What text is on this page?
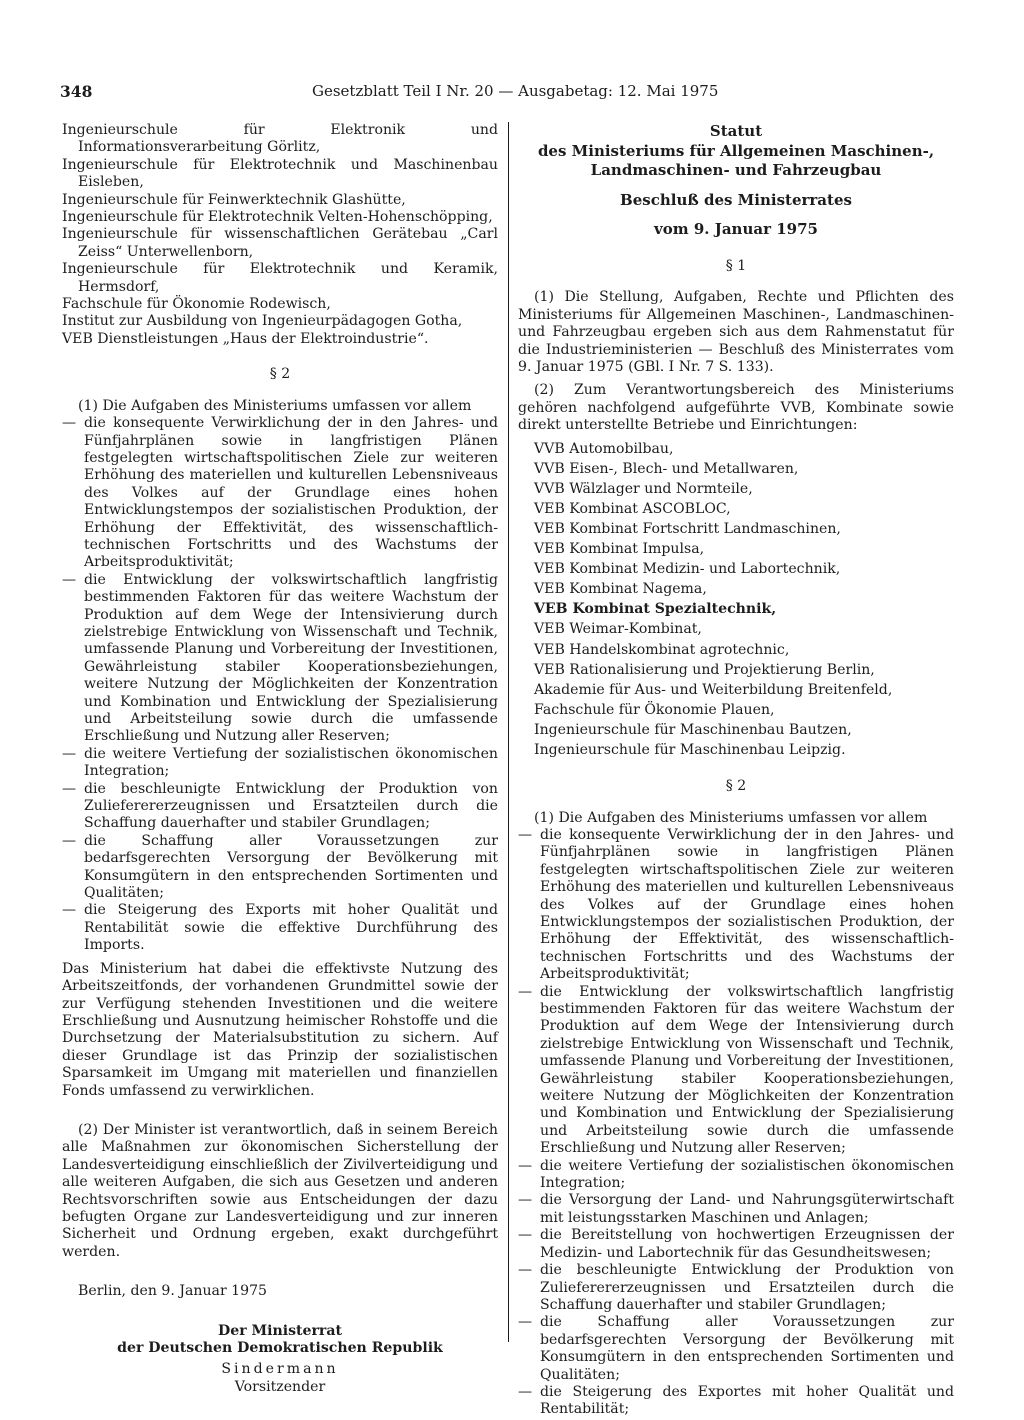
348	Gesetzblatt Teil I Nr. 20 — Ausgabetag: 12. Mai 1975
Ingenieurschule für Elektronik und Informationsverarbeitung Görlitz,
Ingenieurschule für Elektrotechnik und Maschinenbau Eisleben,
Ingenieurschule für Feinwerktechnik Glashütte,
Ingenieurschule für Elektrotechnik Velten-Hohenschöpping,
Ingenieurschule für wissenschaftlichen Gerätebau „Carl Zeiss“ Unterwellenborn,
Ingenieurschule für Elektrotechnik und Keramik, Hermsdorf,
Fachschule für Ökonomie Rodewisch,
Institut zur Ausbildung von Ingenieurpädagogen Gotha,
VEB Dienstleistungen „Haus der Elektroindustrie“.
§ 2
(1) Die Aufgaben des Ministeriums umfassen vor allem
— die konsequente Verwirklichung der in den Jahres- und Fünfjahrplänen sowie in langfristigen Plänen festgelegten wirtschaftspolitischen Ziele zur weiteren Erhöhung des materiellen und kulturellen Lebensniveaus des Volkes auf der Grundlage eines hohen Entwicklungstempos der sozialistischen Produktion, der Erhöhung der Effektivität, des wissenschaftlich-technischen Fortschritts und des Wachstums der Arbeitsproduktivität;
— die Entwicklung der volkswirtschaftlich langfristig bestimmenden Faktoren für das weitere Wachstum der Produktion auf dem Wege der Intensivierung durch zielstrebige Entwicklung von Wissenschaft und Technik, umfassende Planung und Vorbereitung der Investitionen, Gewährleistung stabiler Kooperationsbeziehungen, weitere Nutzung der Möglichkeiten der Konzentration und Kombination und Entwicklung der Spezialisierung und Arbeitsteilung sowie durch die umfassende Erschließung und Nutzung aller Reserven;
— die weitere Vertiefung der sozialistischen ökonomischen Integration;
— die beschleunigte Entwicklung der Produktion von Zulieferererzeugnissen und Ersatzteilen durch die Schaffung dauerhafter und stabiler Grundlagen;
— die Schaffung aller Voraussetzungen zur bedarfsgerechten Versorgung der Bevölkerung mit Konsumgütern in den entsprechenden Sortimenten und Qualitäten;
— die Steigerung des Exports mit hoher Qualität und Rentabilität sowie die effektive Durchführung des Imports.
Das Ministerium hat dabei die effektivste Nutzung des Arbeitszeitfonds, der vorhandenen Grundmittel sowie der zur Verfügung stehenden Investitionen und die weitere Erschließung und Ausnutzung heimischer Rohstoffe und die Durchsetzung der Materialsubstitution zu sichern. Auf dieser Grundlage ist das Prinzip der sozialistischen Sparsamkeit im Umgang mit materiellen und finanziellen Fonds umfassend zu verwirklichen.
(2) Der Minister ist verantwortlich, daß in seinem Bereich alle Maßnahmen zur ökonomischen Sicherstellung der Landesverteidigung einschließlich der Zivilverteidigung und alle weiteren Aufgaben, die sich aus Gesetzen und anderen Rechtsvorschriften sowie aus Entscheidungen der dazu befugten Organe zur Landesverteidigung und zur inneren Sicherheit und Ordnung ergeben, exakt durchgeführt werden.
Berlin, den 9. Januar 1975
Der Ministerrat
der Deutschen Demokratischen Republik
Sindermann
Vorsitzender
Statut
des Ministeriums für Allgemeinen Maschinen-,
Landmaschinen- und Fahrzeugbau
Beschluß des Ministerrates
vom 9. Januar 1975
§ 1
(1) Die Stellung, Aufgaben, Rechte und Pflichten des Ministeriums für Allgemeinen Maschinen-, Landmaschinen- und Fahrzeugbau ergeben sich aus dem Rahmenstatut für die Industrieministerien — Beschluß des Ministerrates vom 9. Januar 1975 (GBl. I Nr. 7 S. 133).
(2) Zum Verantwortungsbereich des Ministeriums gehören nachfolgend aufgeführte VVB, Kombinate sowie direkt unterstellte Betriebe und Einrichtungen:
VVB Automobilbau,
VVB Eisen-, Blech- und Metallwaren,
VVB Wälzlager und Normteile,
VEB Kombinat ASCOBLOC,
VEB Kombinat Fortschritt Landmaschinen,
VEB Kombinat Impulsa,
VEB Kombinat Medizin- und Labortechnik,
VEB Kombinat Nagema,
VEB Kombinat Spezialtechnik,
VEB Weimar-Kombinat,
VEB Handelskombinat agrotechnic,
VEB Rationalisierung und Projektierung Berlin,
Akademie für Aus- und Weiterbildung Breitenfeld,
Fachschule für Ökonomie Plauen,
Ingenieurschule für Maschinenbau Bautzen,
Ingenieurschule für Maschinenbau Leipzig.
§ 2
(1) Die Aufgaben des Ministeriums umfassen vor allem
— die konsequente Verwirklichung der in den Jahres- und Fünfjahrplänen sowie in langfristigen Plänen festgelegten wirtschaftspolitischen Ziele zur weiteren Erhöhung des materiellen und kulturellen Lebensniveaus des Volkes auf der Grundlage eines hohen Entwicklungstempos der sozialistischen Produktion, der Erhöhung der Effektivität, des wissenschaftlich-technischen Fortschritts und des Wachstums der Arbeitsproduktivität;
— die Entwicklung der volkswirtschaftlich langfristig bestimmenden Faktoren für das weitere Wachstum der Produktion auf dem Wege der Intensivierung durch zielstrebige Entwicklung von Wissenschaft und Technik, umfassende Planung und Vorbereitung der Investitionen, Gewährleistung stabiler Kooperationsbeziehungen, weitere Nutzung der Möglichkeiten der Konzentration und Kombination und Entwicklung der Spezialisierung und Arbeitsteilung sowie durch die umfassende Erschließung und Nutzung aller Reserven;
— die weitere Vertiefung der sozialistischen ökonomischen Integration;
— die Versorgung der Land- und Nahrungsgüterwirtschaft mit leistungsstarken Maschinen und Anlagen;
— die Bereitstellung von hochwertigen Erzeugnissen der Medizin- und Labortechnik für das Gesundheitswesen;
— die beschleunigte Entwicklung der Produktion von Zulieferererzeugnissen und Ersatzteilen durch die Schaffung dauerhafter und stabiler Grundlagen;
— die Schaffung aller Voraussetzungen zur bedarfsgerechten Versorgung der Bevölkerung mit Konsumgütern in den entsprechenden Sortimenten und Qualitäten;
— die Steigerung des Exportes mit hoher Qualität und Rentabilität;
